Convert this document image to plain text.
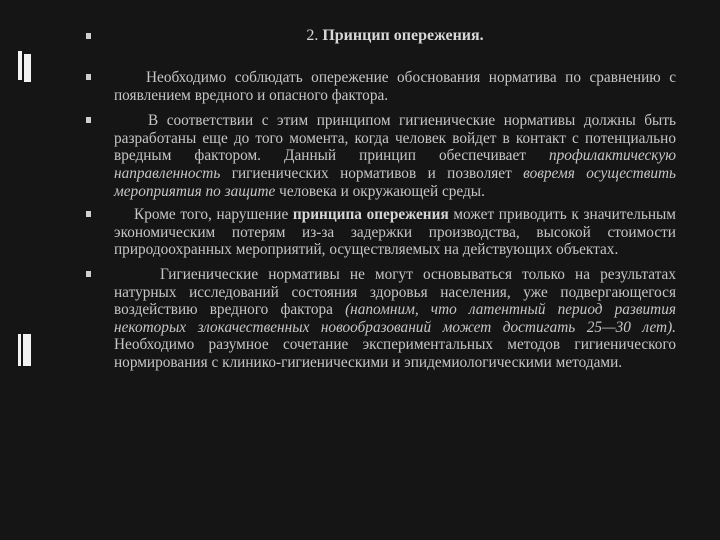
2. Принцип опережения.
Необходимо соблюдать опережение обоснования норматива по сравнению с появлением вредного и опасного фактора.
В соответствии с этим принципом гигиенические нормативы должны быть разработаны еще до того момента, когда человек войдет в контакт с потенциально вредным фактором. Данный принцип обеспечивает профилактическую направленность гигиенических нормативов и позволяет вовремя осуществить мероприятия по защите человека и окружающей среды.
Кроме того, нарушение принципа опережения может приводить к значительным экономическим потерям из-за задержки производства, высокой стоимости природоохранных мероприятий, осуществляемых на действующих объектах.
Гигиенические нормативы не могут основываться только на результатах натурных исследований состояния здоровья населения, уже подвергающегося воздействию вредного фактора (напомним, что латентный период развития некоторых злокачественных новообразований может достигать 25—30 лет). Необходимо разумное сочетание экспериментальных методов гигиенического нормирования с клинико-гигиеническими и эпидемиологическими методами.
